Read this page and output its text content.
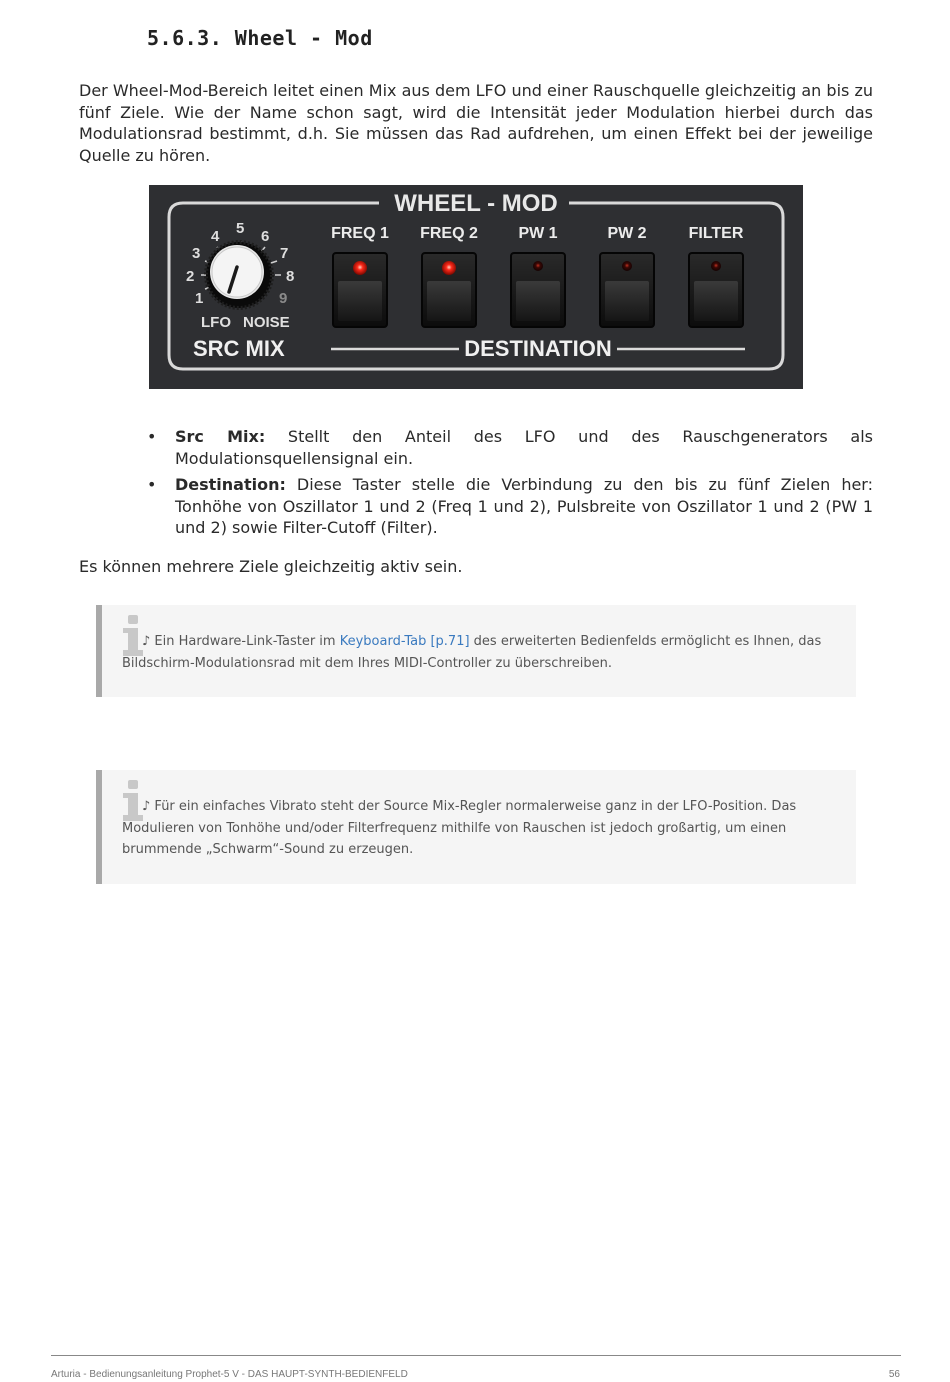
5.6.3. Wheel - Mod

Der Wheel-Mod-Bereich leitet einen Mix aus dem LFO und einer Rauschquelle gleichzeitig an bis zu fünf Ziele. Wie der Name schon sagt, wird die Intensität jeder Modulation hierbei durch das Modulationsrad bestimmt, d.h. Sie müssen das Rad aufdrehen, um einen Effekt bei der jeweilige Quelle zu hören.

WHEEL - MOD
1
2
3
4 5 6
7
8
9
LFO NOISE
SRC MIX
FREQ 1 FREQ 2	PW 1	PW 2	FILTER
DESTINATION
• Src Mix: Stellt den Anteil des LFO und des Rauschgenerators als Modulationsquellensignal ein.
• Destination: Diese Taster stelle die Verbindung zu den bis zu fünf Zielen her: Tonhöhe von Oszillator 1 und 2 (Freq 1 und 2), Pulsbreite von Oszillator 1 und 2 (PW 1 und 2) sowie Filter-Cutoff (Filter).

Es können mehrere Ziele gleichzeitig aktiv sein.

♪ Ein Hardware-Link-Taster im Keyboard-Tab [p.71] des erweiterten Bedienfelds ermöglicht es Ihnen, das Bildschirm-Modulationsrad mit dem Ihres MIDI-Controller zu überschreiben.

♪ Für ein einfaches Vibrato steht der Source Mix-Regler normalerweise ganz in der LFO-Position. Das Modulieren von Tonhöhe und/oder Filterfrequenz mithilfe von Rauschen ist jedoch großartig, um einen brummende „Schwarm“-Sound zu erzeugen.

Arturia - Bedienungsanleitung Prophet-5 V - DAS HAUPT-SYNTH-BEDIENFELD	56
